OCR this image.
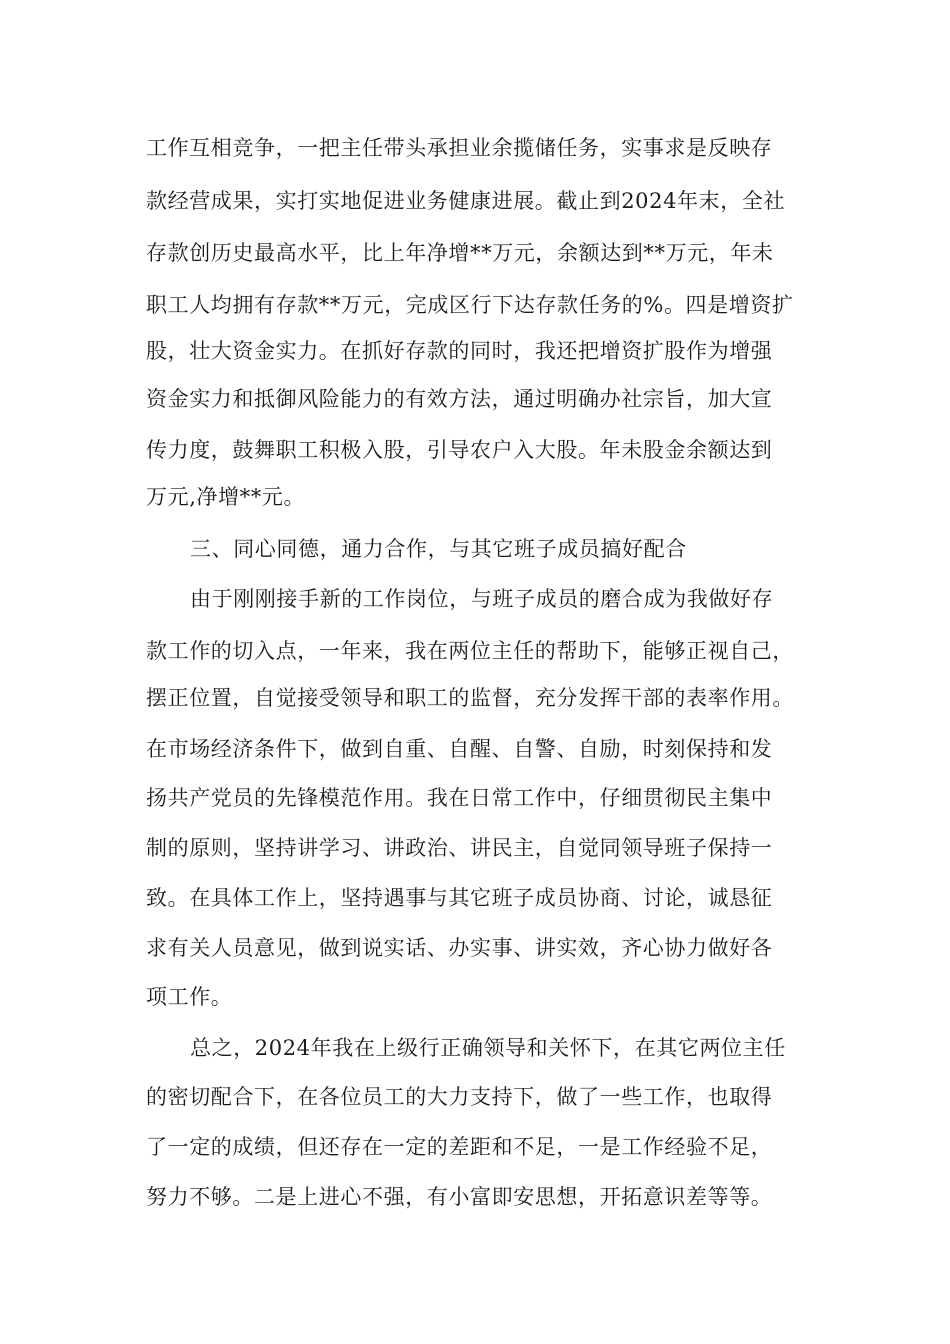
工作互相竞争，一把主任带头承担业余揽储任务，实事求是反映存

款经营成果，实打实地促进业务健康进展。截止到2024年末，全社

存款创历史最高水平，比上年净增**万元，余额达到**万元，年未

职工人均拥有存款**万元，完成区行下达存款任务的%。四是增资扩

股，壮大资金实力。在抓好存款的同时，我还把增资扩股作为增强

资金实力和抵御风险能力的有效方法，通过明确办社宗旨，加大宣

传力度，鼓舞职工积极入股，引导农户入大股。年未股金余额达到

万元,净增**元。

三、同心同德，通力合作，与其它班子成员搞好配合

由于刚刚接手新的工作岗位，与班子成员的磨合成为我做好存

款工作的切入点，一年来，我在两位主任的帮助下，能够正视自己，

摆正位置，自觉接受领导和职工的监督，充分发挥干部的表率作用。

在市场经济条件下，做到自重、自醒、自警、自励，时刻保持和发

扬共产党员的先锋模范作用。我在日常工作中，仔细贯彻民主集中

制的原则，坚持讲学习、讲政治、讲民主，自觉同领导班子保持一

致。在具体工作上，坚持遇事与其它班子成员协商、讨论，诚恳征

求有关人员意见，做到说实话、办实事、讲实效，齐心协力做好各

项工作。

总之，2024年我在上级行正确领导和关怀下，在其它两位主任

的密切配合下，在各位员工的大力支持下，做了一些工作，也取得

了一定的成绩，但还存在一定的差距和不足，一是工作经验不足，

努力不够。二是上进心不强，有小富即安思想，开拓意识差等等。
